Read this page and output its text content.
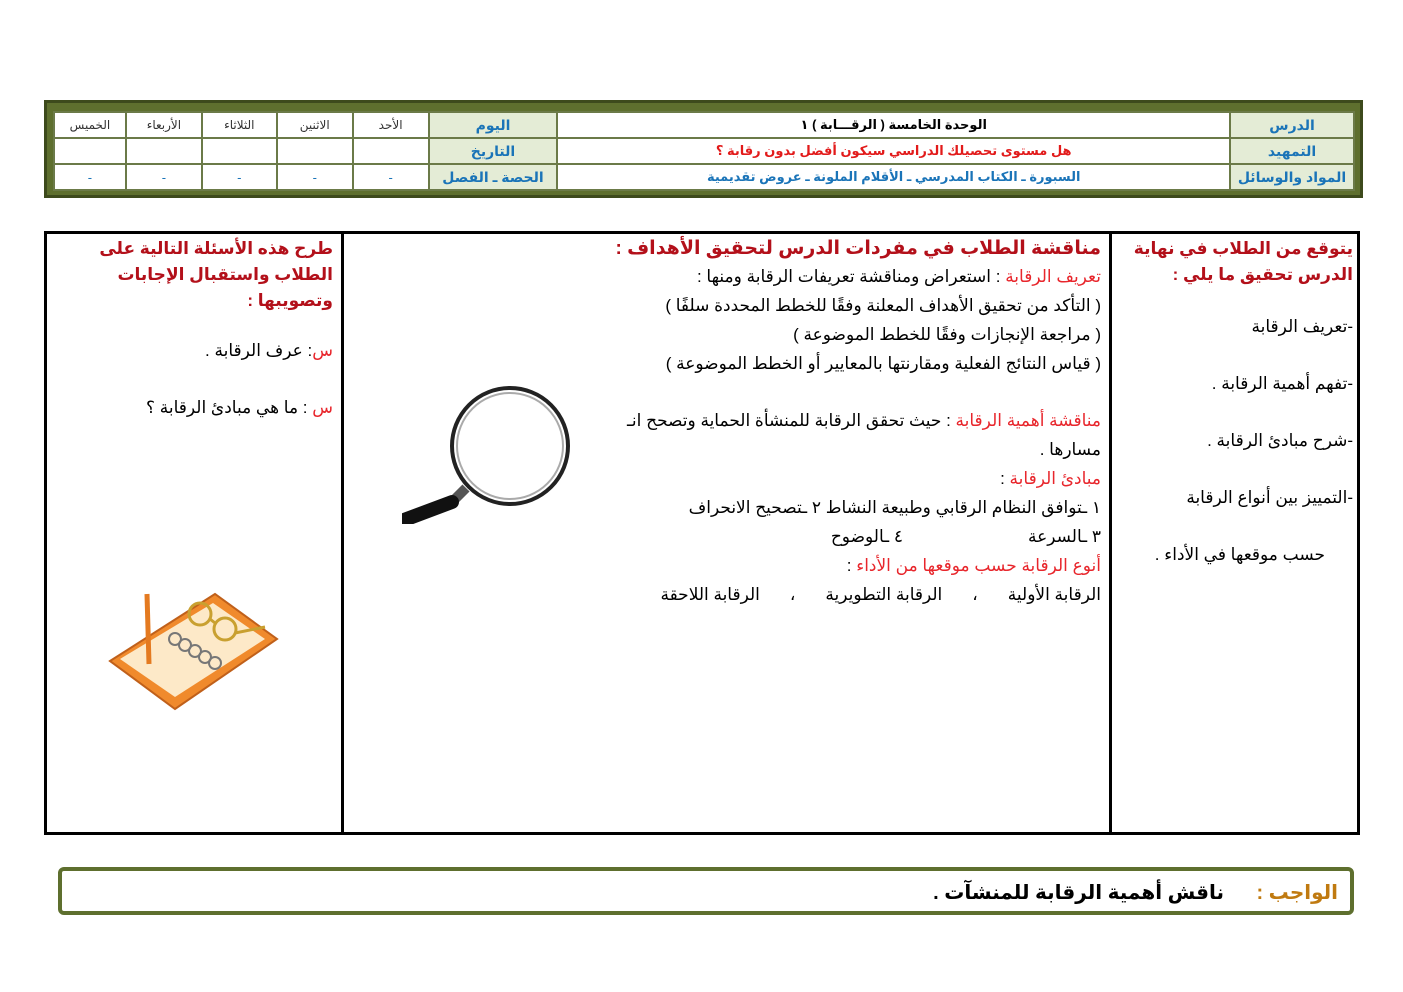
الخميس	الأربعاء	الثلاثاء	الاثنين	الأحد	اليوم	الوحدة الخامسة ( الرقـــابة ) ١	الدرس
					التاريخ	هل مستوى تحصيلك الدراسي سيكون أفضل بدون رقابة ؟	التمهيد
-	-	-	-	-	الحصة ـ الفصل	السبورة ـ الكتاب المدرسي ـ الأقلام الملونة ـ عروض تقديمية	المواد والوسائل
يتوقع من الطلاب في نهاية الدرس تحقيق ما يلي :
-تعريف الرقابة
-تفهم أهمية الرقابة .
-شرح مبادئ الرقابة .
-التمييز بين أنواع الرقابة
حسب موقعها في الأداء .
مناقشة الطلاب في مفردات الدرس لتحقيق الأهداف :
تعريف الرقابة : استعراض ومناقشة تعريفات الرقابة ومنها :
( التأكد من تحقيق الأهداف المعلنة وفقًا للخطط المحددة سلفًا )
( مراجعة الإنجازات وفقًا للخطط الموضوعة )
( قياس النتائج الفعلية ومقارنتها بالمعايير أو الخطط الموضوعة )
مناقشة أهمية الرقابة : حيث تحقق الرقابة للمنشأة الحماية وتصحح انـ
مسارها .
مبادئ الرقابة :
١ ـتوافق النظام الرقابي وطبيعة النشاط ٢ ـتصحيح الانحراف
٣ ـالسرعة٤ ـالوضوح
أنوع الرقابة حسب موقعها من الأداء :
الرقابة الأولية،الرقابة التطويرية،الرقابة اللاحقة
طرح هذه الأسئلة التالية على الطلاب واستقبال الإجابات وتصويبها :
س: عرف الرقابة .
س : ما هي مبادئ الرقابة ؟
الواجب :
ناقش أهمية الرقابة للمنشآت .
